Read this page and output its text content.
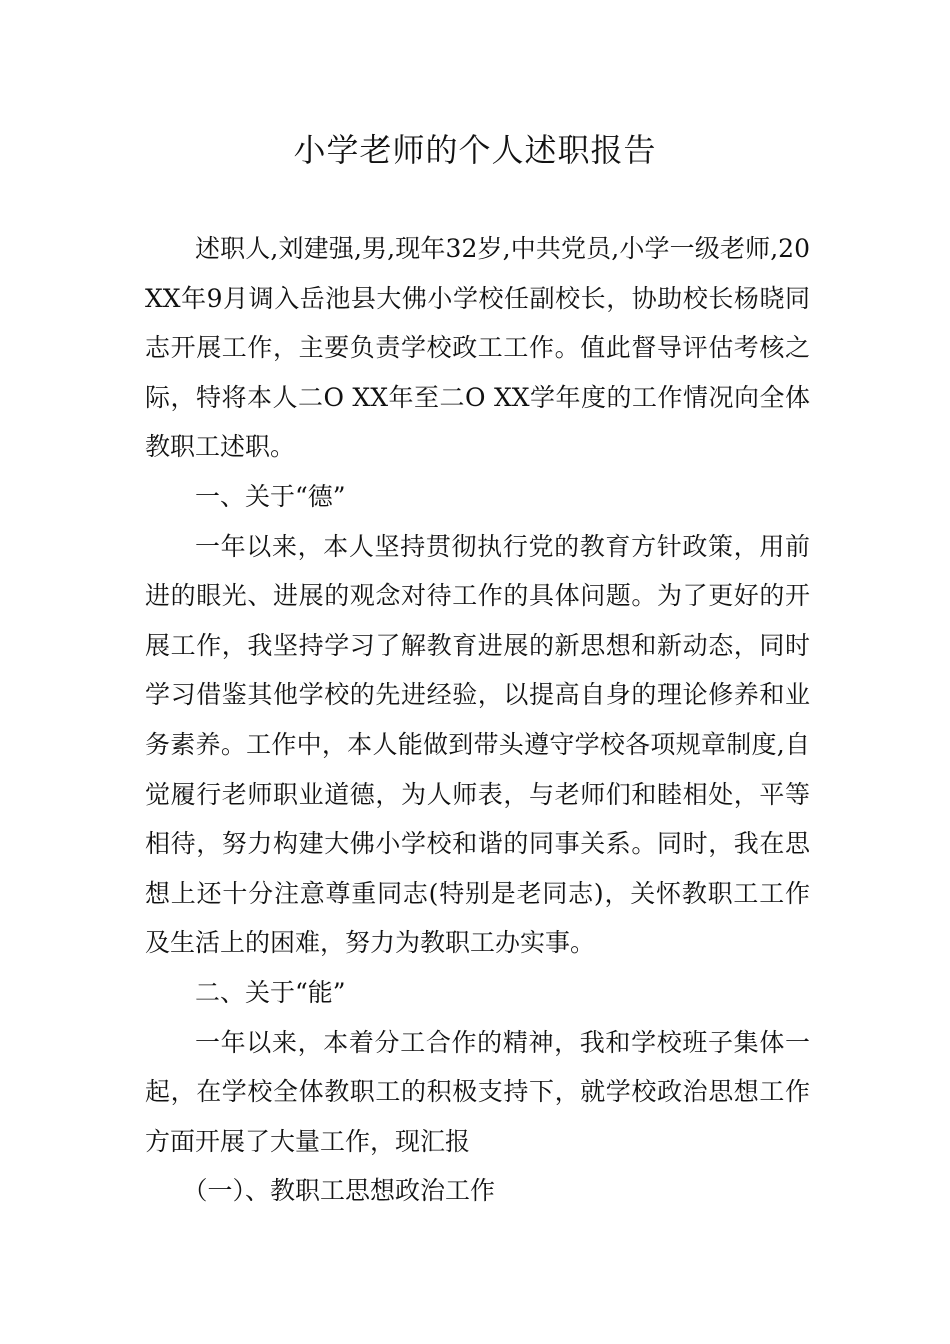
小学老师的个人述职报告

述职人,刘建强,男,现年32岁,中共党员,小学一级老师,20XX年9月调入岳池县大佛小学校任副校长，协助校长杨晓同志开展工作，主要负责学校政工工作。值此督导评估考核之际，特将本人二O XX年至二O XX学年度的工作情况向全体教职工述职。

一、关于“德”

一年以来，本人坚持贯彻执行党的教育方针政策，用前进的眼光、进展的观念对待工作的具体问题。为了更好的开展工作，我坚持学习了解教育进展的新思想和新动态，同时学习借鉴其他学校的先进经验，以提高自身的理论修养和业务素养。工作中，本人能做到带头遵守学校各项规章制度,自觉履行老师职业道德，为人师表，与老师们和睦相处，平等相待，努力构建大佛小学校和谐的同事关系。同时，我在思想上还十分注意尊重同志(特别是老同志)，关怀教职工工作及生活上的困难，努力为教职工办实事。

二、关于“能”

一年以来，本着分工合作的精神，我和学校班子集体一起，在学校全体教职工的积极支持下，就学校政治思想工作方面开展了大量工作，现汇报

（一）、教职工思想政治工作
